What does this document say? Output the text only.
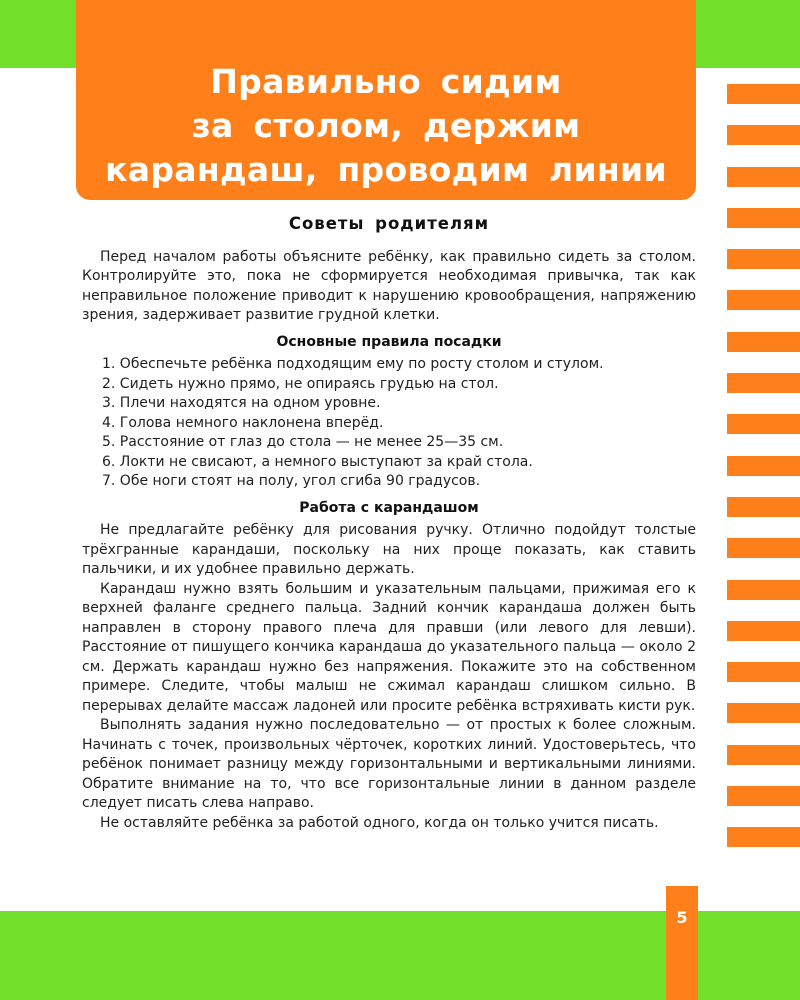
Правильно сидим
за столом, держим
карандаш, проводим линии
Советы родителям

Перед началом работы объясните ребёнку, как правильно сидеть за столом. Контролируйте это, пока не сформируется необходимая привычка, так как неправильное положение приводит к нарушению кровообращения, напряжению зрения, задерживает развитие грудной клетки.

Основные правила посадки
1. Обеспечьте ребёнка подходящим ему по росту столом и стулом.
2. Сидеть нужно прямо, не опираясь грудью на стол.
3. Плечи находятся на одном уровне.
4. Голова немного наклонена вперёд.
5. Расстояние от глаз до стола — не менее 25—35 см.
6. Локти не свисают, а немного выступают за край стола.
7. Обе ноги стоят на полу, угол сгиба 90 градусов.
Работа с карандашом

Не предлагайте ребёнку для рисования ручку. Отлично подойдут толстые трёхгранные карандаши, поскольку на них проще показать, как ставить пальчики, и их удобнее правильно держать.

Карандаш нужно взять большим и указательным пальцами, прижимая его к верхней фаланге среднего пальца. Задний кончик карандаша должен быть направлен в сторону правого плеча для правши (или левого для левши). Расстояние от пишущего кончика карандаша до указательного пальца — около 2 см. Держать карандаш нужно без напряжения. Покажите это на собственном примере. Следите, чтобы малыш не сжимал карандаш слишком сильно. В перерывах делайте массаж ладоней или просите ребёнка встряхивать кисти рук.

Выполнять задания нужно последовательно — от простых к более сложным. Начинать с точек, произвольных чёрточек, коротких линий. Удостоверьтесь, что ребёнок понимает разницу между горизонтальными и вертикальными линиями. Обратите внимание на то, что все горизонтальные линии в данном разделе следует писать слева направо.

Не оставляйте ребёнка за работой одного, когда он только учится писать.

5
